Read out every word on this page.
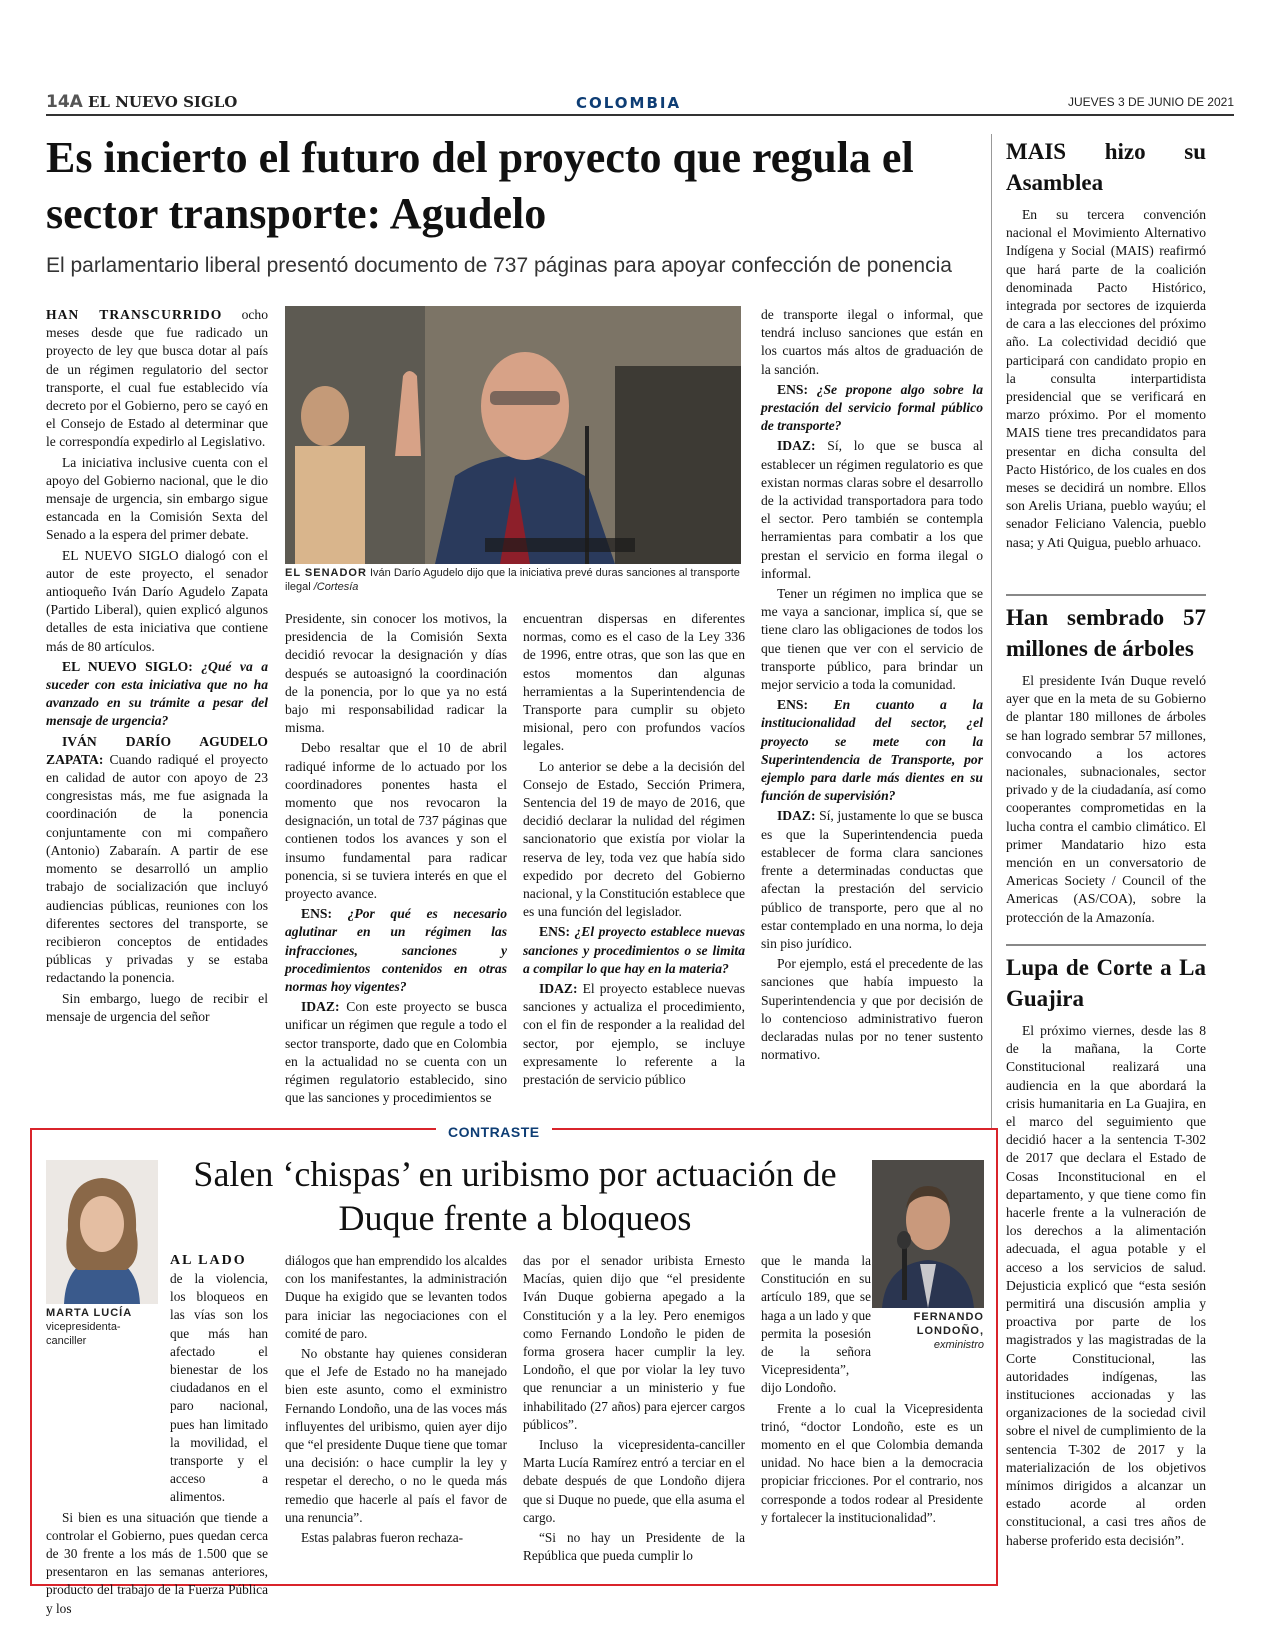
14A EL NUEVO SIGLO	COLOMBIA	JUEVES 3 DE JUNIO DE 2021
Es incierto el futuro del proyecto que regula el sector transporte: Agudelo
El parlamentario liberal presentó documento de 737 páginas para apoyar confección de ponencia

HAN TRANSCURRIDO ocho meses desde que fue radicado un proyecto de ley que busca dotar al país de un régimen regulatorio del sector transporte, el cual fue establecido vía decreto por el Gobierno, pero se cayó en el Consejo de Estado al determinar que le correspondía expedirlo al Legislativo.

La iniciativa inclusive cuenta con el apoyo del Gobierno nacional, que le dio mensaje de urgencia, sin embargo sigue estancada en la Comisión Sexta del Senado a la espera del primer debate.

EL NUEVO SIGLO dialogó con el autor de este proyecto, el senador antioqueño Iván Darío Agudelo Zapata (Partido Liberal), quien explicó algunos detalles de esta iniciativa que contiene más de 80 artículos.

EL NUEVO SIGLO: ¿Qué va a suceder con esta iniciativa que no ha avanzado en su trámite a pesar del mensaje de urgencia?

IVÁN DARÍO AGUDELO ZAPATA: Cuando radiqué el proyecto en calidad de autor con apoyo de 23 congresistas más, me fue asignada la coordinación de la ponencia conjuntamente con mi compañero (Antonio) Zabaraín. A partir de ese momento se desarrolló un amplio trabajo de socialización que incluyó audiencias públicas, reuniones con los diferentes sectores del transporte, se recibieron conceptos de entidades públicas y privadas y se estaba redactando la ponencia.

Sin embargo, luego de recibir el mensaje de urgencia del señor

EL SENADOR Iván Darío Agudelo dijo que la iniciativa prevé duras sanciones al transporte ilegal /Cortesía

Presidente, sin conocer los motivos, la presidencia de la Comisión Sexta decidió revocar la designación y días después se autoasignó la coordinación de la ponencia, por lo que ya no está bajo mi responsabilidad radicar la misma.

Debo resaltar que el 10 de abril radiqué informe de lo actuado por los coordinadores ponentes hasta el momento que nos revocaron la designación, un total de 737 páginas que contienen todos los avances y son el insumo fundamental para radicar ponencia, si se tuviera interés en que el proyecto avance.

ENS: ¿Por qué es necesario aglutinar en un régimen las infracciones, sanciones y procedimientos contenidos en otras normas hoy vigentes?

IDAZ: Con este proyecto se busca unificar un régimen que regule a todo el sector transporte, dado que en Colombia en la actualidad no se cuenta con un régimen regulatorio establecido, sino que las sanciones y procedimientos se

encuentran dispersas en diferentes normas, como es el caso de la Ley 336 de 1996, entre otras, que son las que en estos momentos dan algunas herramientas a la Superintendencia de Transporte para cumplir su objeto misional, pero con profundos vacíos legales.

Lo anterior se debe a la decisión del Consejo de Estado, Sección Primera, Sentencia del 19 de mayo de 2016, que decidió declarar la nulidad del régimen sancionatorio que existía por violar la reserva de ley, toda vez que había sido expedido por decreto del Gobierno nacional, y la Constitución establece que es una función del legislador.

ENS: ¿El proyecto establece nuevas sanciones y procedimientos o se limita a compilar lo que hay en la materia?

IDAZ: El proyecto establece nuevas sanciones y actualiza el procedimiento, con el fin de responder a la realidad del sector, por ejemplo, se incluye expresamente lo referente a la prestación de servicio público

de transporte ilegal o informal, que tendrá incluso sanciones que están en los cuartos más altos de graduación de la sanción.

ENS: ¿Se propone algo sobre la prestación del servicio formal público de transporte?

IDAZ: Sí, lo que se busca al establecer un régimen regulatorio es que existan normas claras sobre el desarrollo de la actividad transportadora para todo el sector. Pero también se contempla herramientas para combatir a los que prestan el servicio en forma ilegal o informal.

Tener un régimen no implica que se me vaya a sancionar, implica sí, que se tiene claro las obligaciones de todos los que tienen que ver con el servicio de transporte público, para brindar un mejor servicio a toda la comunidad.

ENS: En cuanto a la institucionalidad del sector, ¿el proyecto se mete con la Superintendencia de Transporte, por ejemplo para darle más dientes en su función de supervisión?

IDAZ: Sí, justamente lo que se busca es que la Superintendencia pueda establecer de forma clara sanciones frente a determinadas conductas que afectan la prestación del servicio público de transporte, pero que al no estar contemplado en una norma, lo deja sin piso jurídico.

Por ejemplo, está el precedente de las sanciones que había impuesto la Superintendencia y que por decisión de lo contencioso administrativo fueron declaradas nulas por no tener sustento normativo.

MAIS hizo su Asamblea

En su tercera convención nacional el Movimiento Alternativo Indígena y Social (MAIS) reafirmó que hará parte de la coalición denominada Pacto Histórico, integrada por sectores de izquierda de cara a las elecciones del próximo año. La colectividad decidió que participará con candidato propio en la consulta interpartidista presidencial que se verificará en marzo próximo. Por el momento MAIS tiene tres precandidatos para presentar en dicha consulta del Pacto Histórico, de los cuales en dos meses se decidirá un nombre. Ellos son Arelis Uriana, pueblo wayúu; el senador Feliciano Valencia, pueblo nasa; y Ati Quigua, pueblo arhuaco.

Han sembrado 57 millones de árboles

El presidente Iván Duque reveló ayer que en la meta de su Gobierno de plantar 180 millones de árboles se han logrado sembrar 57 millones, convocando a los actores nacionales, subnacionales, sector privado y de la ciudadanía, así como cooperantes comprometidas en la lucha contra el cambio climático. El primer Mandatario hizo esta mención en un conversatorio de Americas Society / Council of the Americas (AS/COA), sobre la protección de la Amazonía.

Lupa de Corte a La Guajira

El próximo viernes, desde las 8 de la mañana, la Corte Constitucional realizará una audiencia en la que abordará la crisis humanitaria en La Guajira, en el marco del seguimiento que decidió hacer a la sentencia T-302 de 2017 que declara el Estado de Cosas Inconstitucional en el departamento, y que tiene como fin hacerle frente a la vulneración de los derechos a la alimentación adecuada, el agua potable y el acceso a los servicios de salud. Dejusticia explicó que “esta sesión permitirá una discusión amplia y proactiva por parte de los magistrados y las magistradas de la Corte Constitucional, las autoridades indígenas, las instituciones accionadas y las organizaciones de la sociedad civil sobre el nivel de cumplimiento de la sentencia T-302 de 2017 y la materialización de los objetivos mínimos dirigidos a alcanzar un estado acorde al orden constitucional, a casi tres años de haberse proferido esta decisión”.

CONTRASTE
Salen ‘chispas’ en uribismo por actuación de Duque frente a bloqueos
MARTA LUCÍA
vicepresidenta-canciller
FERNANDO LONDOÑO,
exministro

AL LADO

de la violencia, los bloqueos en las vías son los que más han afectado el bienestar de los ciudadanos en el paro nacional, pues han limitado la movilidad, el transporte y el acceso a alimentos.

Si bien es una situación que tiende a controlar el Gobierno, pues quedan cerca de 30 frente a los más de 1.500 que se presentaron en las semanas anteriores, producto del trabajo de la Fuerza Pública y los

diálogos que han emprendido los alcaldes con los manifestantes, la administración Duque ha exigido que se levanten todos para iniciar las negociaciones con el comité de paro.

No obstante hay quienes consideran que el Jefe de Estado no ha manejado bien este asunto, como el exministro Fernando Londoño, una de las voces más influyentes del uribismo, quien ayer dijo que “el presidente Duque tiene que tomar una decisión: o hace cumplir la ley y respetar el derecho, o no le queda más remedio que hacerle al país el favor de una renuncia”.

Estas palabras fueron rechaza-

das por el senador uribista Ernesto Macías, quien dijo que “el presidente Iván Duque gobierna apegado a la Constitución y a la ley. Pero enemigos como Fernando Londoño le piden de forma grosera hacer cumplir la ley. Londoño, el que por violar la ley tuvo que renunciar a un ministerio y fue inhabilitado (27 años) para ejercer cargos públicos”.

Incluso la vicepresidenta-canciller Marta Lucía Ramírez entró a terciar en el debate después de que Londoño dijera que si Duque no puede, que ella asuma el cargo.

“Si no hay un Presidente de la República que pueda cumplir lo

que le manda la Constitución en su artículo 189, que se haga a un lado y que permita la posesión de la señora Vicepresidenta”, dijo Londoño.

Frente a lo cual la Vicepresidenta trinó, “doctor Londoño, este es un momento en el que Colombia demanda unidad. No hace bien a la democracia propiciar fricciones. Por el contrario, nos corresponde a todos rodear al Presidente y fortalecer la institucionalidad”.
